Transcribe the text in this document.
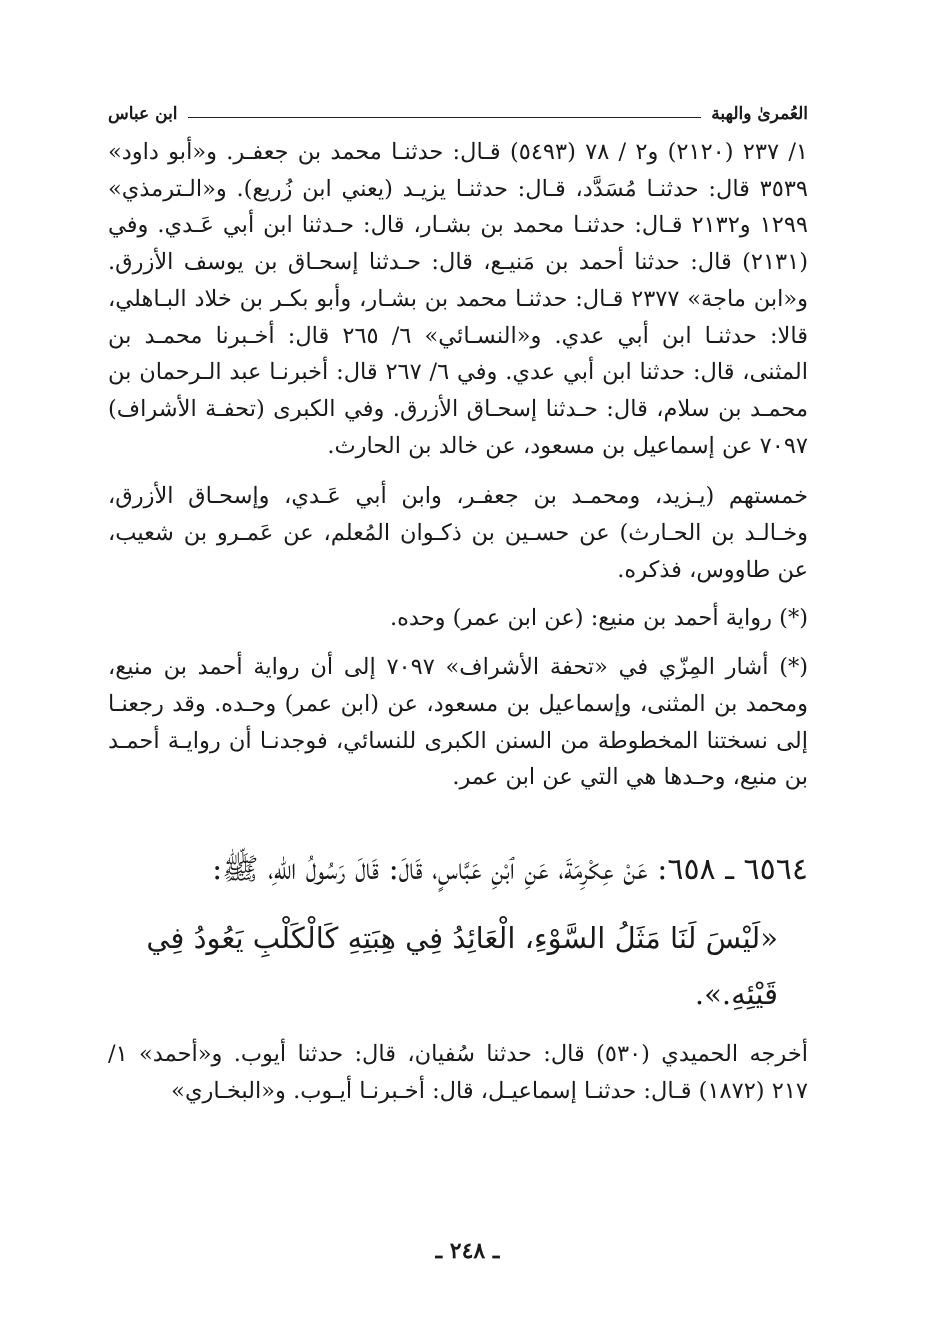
العُمرىٰ والهبة
ابن عباس

١/ ٢٣٧ (٢١٢٠) و٢ / ٧٨ (٥٤٩٣) قـال: حدثنـا محمد بن جعفـر. و«أبو داود» ٣٥٣٩ قال: حدثنـا مُسَدَّد، قـال: حدثنـا يزيـد (يعني ابن زُريع). و«الـترمذي» ١٢٩٩ و٢١٣٢ قـال: حدثنـا محمد بن بشـار، قال: حـدثنا ابن أبي عَـدي. وفي (٢١٣١) قال: حدثنا أحمد بن مَنيـع، قال: حـدثنا إسحـاق بن يوسف الأزرق. و«ابن ماجة» ٢٣٧٧ قـال: حدثنـا محمد بن بشـار، وأبو بكـر بن خلاد البـاهلي، قالا: حدثنـا ابن أبي عدي. و«النسـائي» ٦/ ٢٦٥ قال: أخـبرنا محمـد بن المثنى، قال: حدثنا ابن أبي عدي. وفي ٦/ ٢٦٧ قال: أخبرنـا عبد الـرحمان بن محمـد بن سلام، قال: حـدثنا إسحـاق الأزرق. وفي الكبرى (تحفـة الأشراف) ٧٠٩٧ عن إسماعيل بن مسعود، عن خالد بن الحارث.

خمستهم (يـزيد، ومحمـد بن جعفـر، وابن أبي عَـدي، وإسحـاق الأزرق، وخـالـد بن الحـارث) عن حسـين بن ذكـوان المُعلم، عن عَمـرو بن شعيب، عن طاووس، فذكره.

(*) رواية أحمد بن منيع: (عن ابن عمر) وحده.

(*) أشار المِزّي في «تحفة الأشراف» ٧٠٩٧ إلى أن رواية أحمد بن منيع، ومحمد بن المثنى، وإسماعيل بن مسعود، عن (ابن عمر) وحـده. وقد رجعنـا إلى نسختنا المخطوطة من السنن الكبرى للنسائي، فوجدنـا أن روايـة أحمـد بن منيع، وحـدها هي التي عن ابن عمر.

٦٥٦٤ ـ ٦٥٨: عَنْ عِكْرِمَةَ، عَنِ ٱبْنِ عَبَّاسٍ، قَالَ: قَالَ رَسُولُ اللّٰهِ، ﷺ:

«لَيْسَ لَنَا مَثَلُ السَّوْءِ، الْعَائِدُ فِي هِبَتِهِ كَالْكَلْبِ يَعُودُ فِي قَيْئِهِ.».

أخرجه الحميدي (٥٣٠) قال: حدثنا سُفيان، قال: حدثنا أيوب. و«أحمد» ١/ ٢١٧ (١٨٧٢) قـال: حدثنـا إسماعيـل، قال: أخـبرنـا أيـوب. و«البخـاري»

ـ ٢٤٨ ـ
